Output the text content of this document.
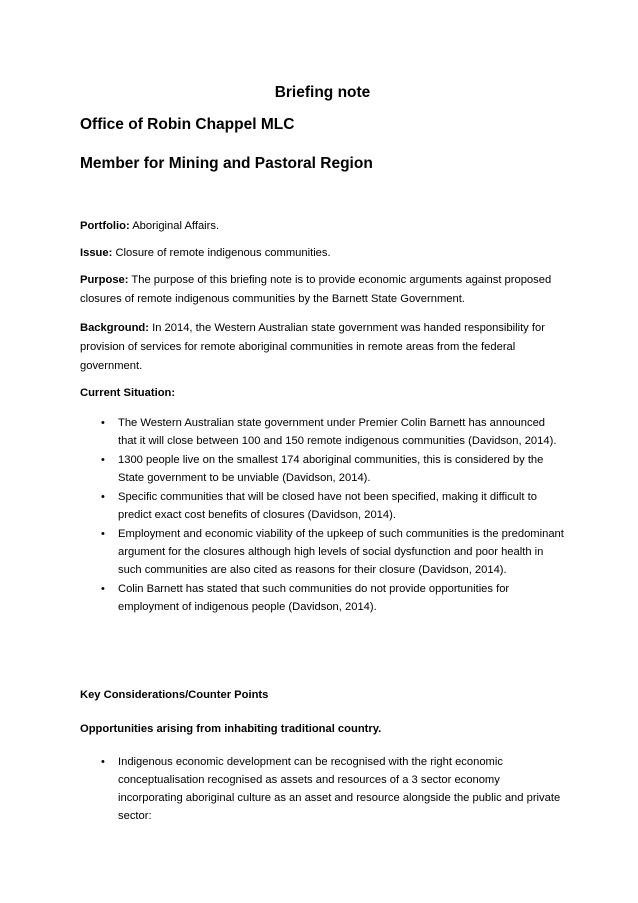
Briefing note
Office of Robin Chappel MLC
Member for Mining and Pastoral Region
Portfolio: Aboriginal Affairs.
Issue: Closure of remote indigenous communities.
Purpose: The purpose of this briefing note is to provide economic arguments against proposed closures of remote indigenous communities by the Barnett State Government.
Background: In 2014, the Western Australian state government was handed responsibility for provision of services for remote aboriginal communities in remote areas from the federal government.
Current Situation:
• The Western Australian state government under Premier Colin Barnett has announced that it will close between 100 and 150 remote indigenous communities (Davidson, 2014).
• 1300 people live on the smallest 174 aboriginal communities, this is considered by the State government to be unviable (Davidson, 2014).
• Specific communities that will be closed have not been specified, making it difficult to predict exact cost benefits of closures (Davidson, 2014).
• Employment and economic viability of the upkeep of such communities is the predominant argument for the closures although high levels of social dysfunction and poor health in such communities are also cited as reasons for their closure (Davidson, 2014).
• Colin Barnett has stated that such communities do not provide opportunities for employment of indigenous people (Davidson, 2014).
Key Considerations/Counter Points
Opportunities arising from inhabiting traditional country.
• Indigenous economic development can be recognised with the right economic conceptualisation recognised as assets and resources of a 3 sector economy incorporating aboriginal culture as an asset and resource alongside the public and private sector:
